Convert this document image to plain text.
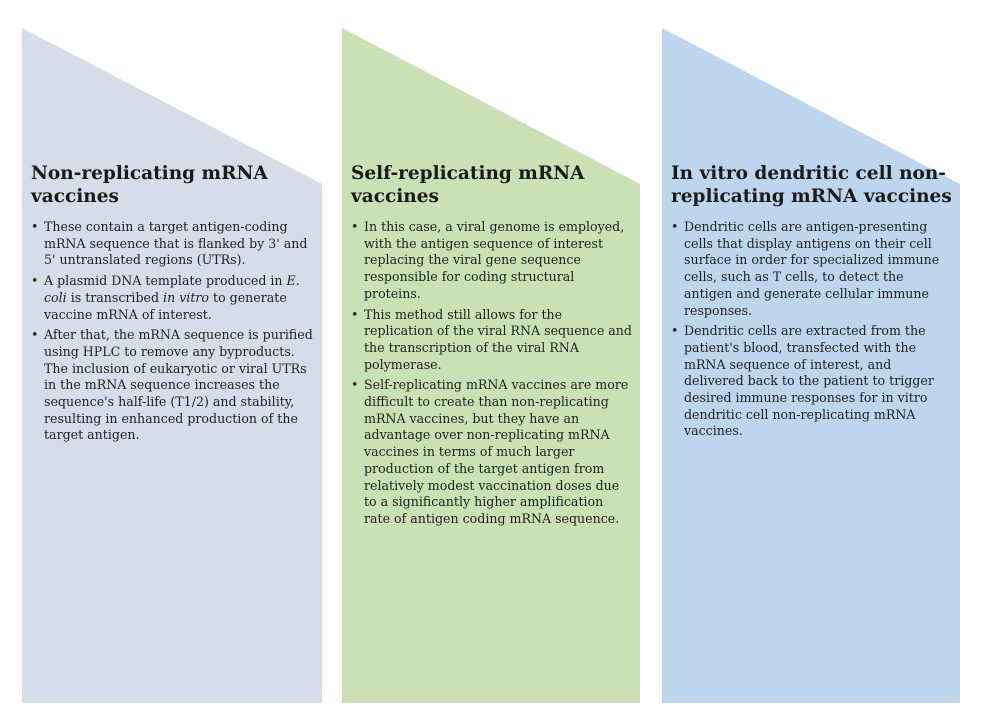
Non-replicating mRNA vaccines
• These contain a target antigen-coding mRNA sequence that is flanked by 3' and 5' untranslated regions (UTRs).
• A plasmid DNA template produced in E. coli is transcribed in vitro to generate vaccine mRNA of interest.
• After that, the mRNA sequence is purified using HPLC to remove any byproducts. The inclusion of eukaryotic or viral UTRs in the mRNA sequence increases the sequence's half-life (T1/2) and stability, resulting in enhanced production of the target antigen.
Self-replicating mRNA vaccines
• In this case, a viral genome is employed, with the antigen sequence of interest replacing the viral gene sequence responsible for coding structural proteins.
• This method still allows for the replication of the viral RNA sequence and the transcription of the viral RNA polymerase.
• Self-replicating mRNA vaccines are more difficult to create than non-replicating mRNA vaccines, but they have an advantage over non-replicating mRNA vaccines in terms of much larger production of the target antigen from relatively modest vaccination doses due to a significantly higher amplification rate of antigen coding mRNA sequence.
In vitro dendritic cell non-replicating mRNA vaccines
• Dendritic cells are antigen-presenting cells that display antigens on their cell surface in order for specialized immune cells, such as T cells, to detect the antigen and generate cellular immune responses.
• Dendritic cells are extracted from the patient's blood, transfected with the mRNA sequence of interest, and delivered back to the patient to trigger desired immune responses for in vitro dendritic cell non-replicating mRNA vaccines.
